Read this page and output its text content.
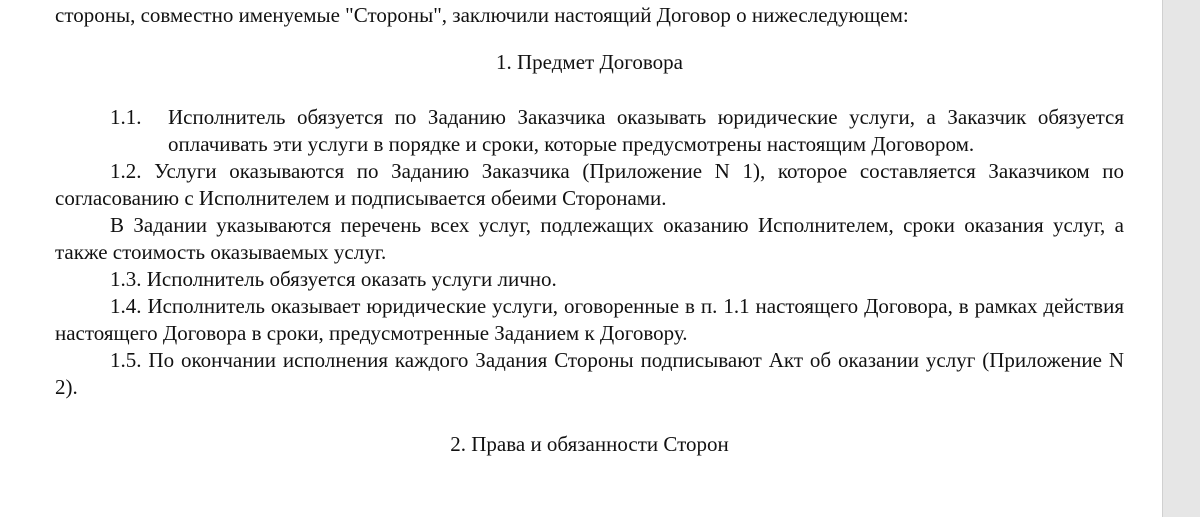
стороны, совместно именуемые "Стороны", заключили настоящий Договор о нижеследующем:

1. Предмет Договора

1.1.	Исполнитель обязуется по Заданию Заказчика оказывать юридические услуги, а Заказчик обязуется оплачивать эти услуги в порядке и сроки, которые предусмотрены настоящим Договором.

1.2. Услуги оказываются по Заданию Заказчика (Приложение N 1), которое составляется Заказчиком по согласованию с Исполнителем и подписывается обеими Сторонами.

В Задании указываются перечень всех услуг, подлежащих оказанию Исполнителем, сроки оказания услуг, а также стоимость оказываемых услуг.

1.3. Исполнитель обязуется оказать услуги лично.

1.4. Исполнитель оказывает юридические услуги, оговоренные в п. 1.1 настоящего Договора, в рамках действия настоящего Договора в сроки, предусмотренные Заданием к Договору.

1.5. По окончании исполнения каждого Задания Стороны подписывают Акт об оказании услуг (Приложение N 2).

2. Права и обязанности Сторон
